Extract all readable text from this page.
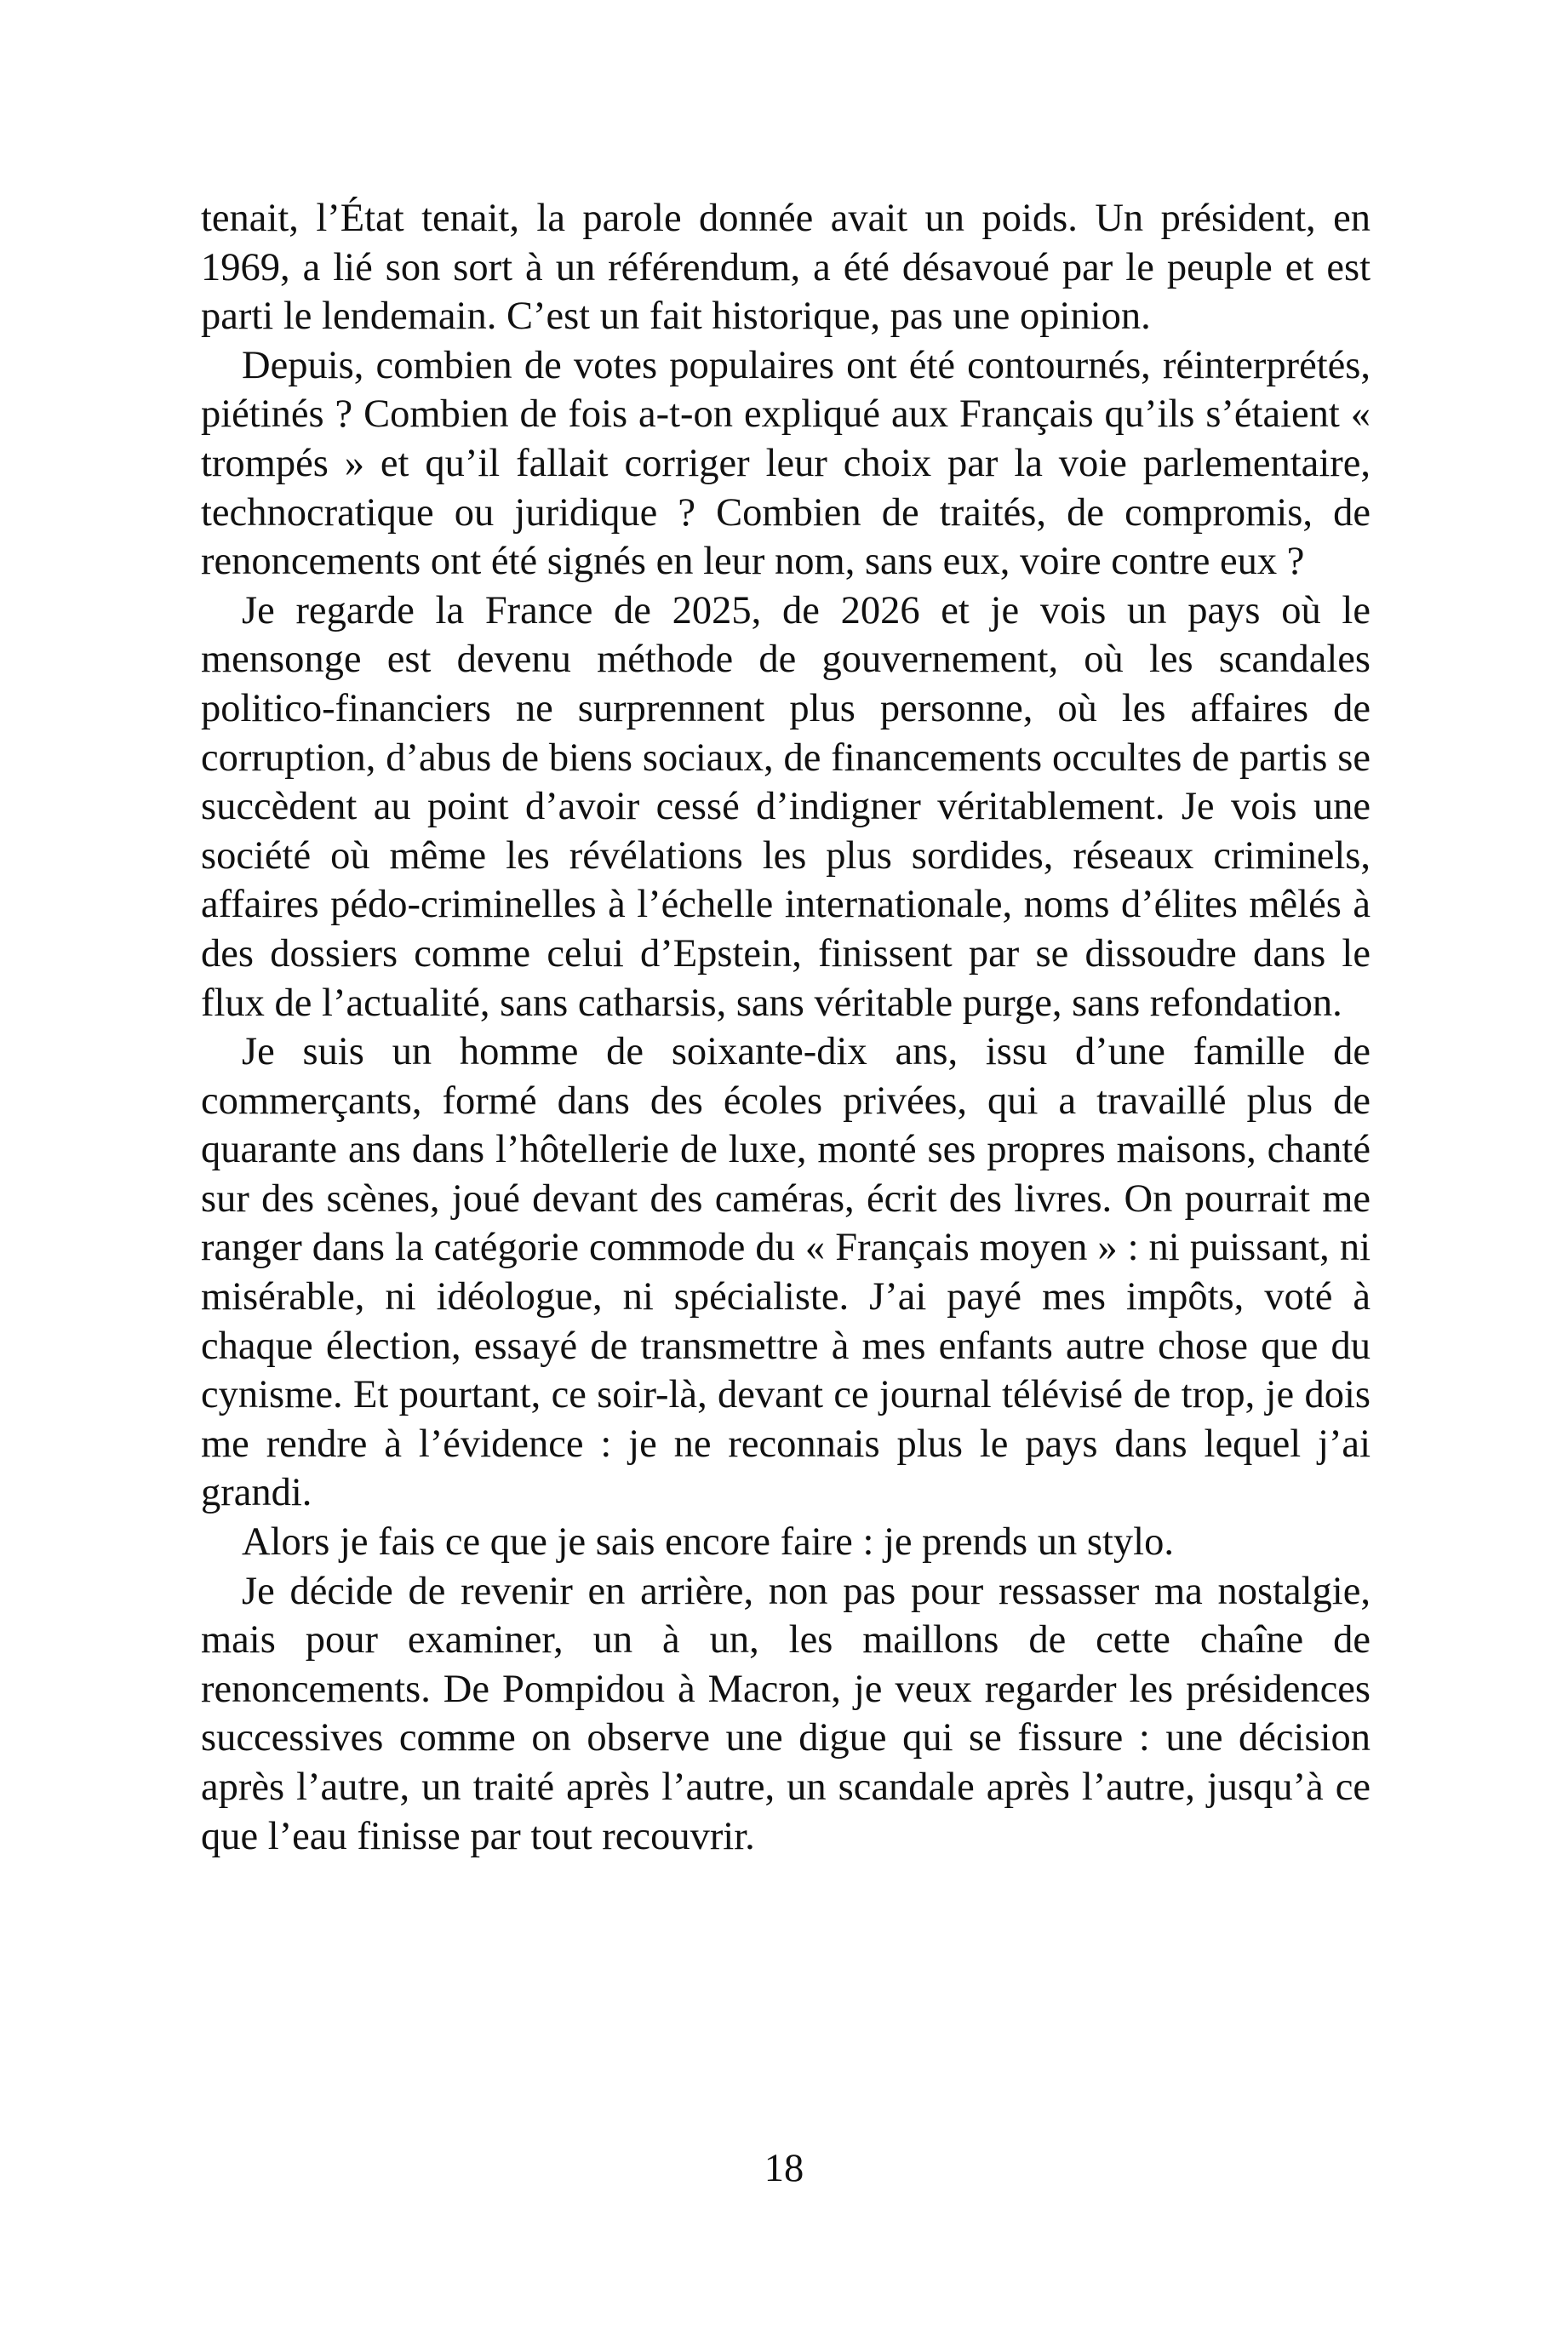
tenait, l’État tenait, la parole donnée avait un poids. Un président, en 1969, a lié son sort à un référendum, a été désavoué par le peuple et est parti le lendemain. C’est un fait historique, pas une opinion.

Depuis, combien de votes populaires ont été contournés, réinterprétés, piétinés ? Combien de fois a-t-on expliqué aux Français qu’ils s’étaient « trompés » et qu’il fallait corriger leur choix par la voie parlementaire, technocratique ou juridique ? Combien de traités, de compromis, de renoncements ont été signés en leur nom, sans eux, voire contre eux ?

Je regarde la France de 2025, de 2026 et je vois un pays où le mensonge est devenu méthode de gouvernement, où les scandales politico-financiers ne surprennent plus personne, où les affaires de corruption, d’abus de biens sociaux, de financements occultes de partis se succèdent au point d’avoir cessé d’indigner véritablement. Je vois une société où même les révélations les plus sordides, réseaux criminels, affaires pédo-criminelles à l’échelle internationale, noms d’élites mêlés à des dossiers comme celui d’Epstein, finissent par se dissoudre dans le flux de l’actualité, sans catharsis, sans véritable purge, sans refondation.

Je suis un homme de soixante-dix ans, issu d’une famille de commerçants, formé dans des écoles privées, qui a travaillé plus de quarante ans dans l’hôtellerie de luxe, monté ses propres maisons, chanté sur des scènes, joué devant des caméras, écrit des livres. On pourrait me ranger dans la catégorie commode du « Français moyen » : ni puissant, ni misérable, ni idéologue, ni spécialiste. J’ai payé mes impôts, voté à chaque élection, essayé de transmettre à mes enfants autre chose que du cynisme. Et pourtant, ce soir-là, devant ce journal télévisé de trop, je dois me rendre à l’évidence : je ne reconnais plus le pays dans lequel j’ai grandi.

Alors je fais ce que je sais encore faire : je prends un stylo.

Je décide de revenir en arrière, non pas pour ressasser ma nostalgie, mais pour examiner, un à un, les maillons de cette chaîne de renoncements. De Pompidou à Macron, je veux regarder les présidences successives comme on observe une digue qui se fissure : une décision après l’autre, un traité après l’autre, un scandale après l’autre, jusqu’à ce que l’eau finisse par tout recouvrir.

18
